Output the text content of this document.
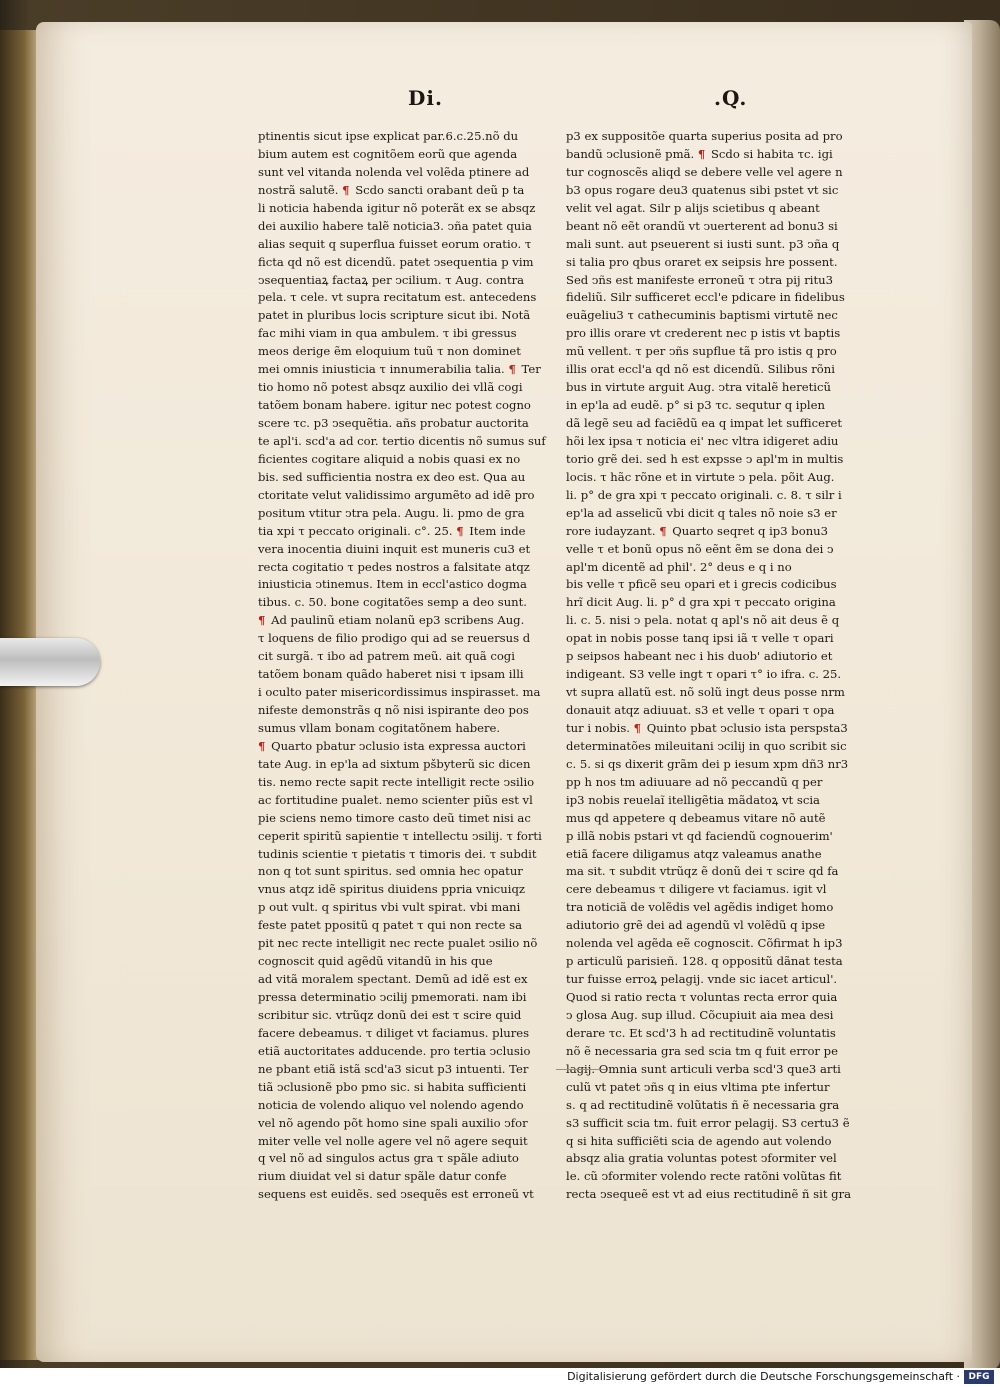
Di.	.Q.
ptinentis sicut ipse explicat par.6.c.25.nõ du
bium autem est cognitõem eorũ que agenda
sunt vel vitanda nolenda vel volẽda ptinere ad
nostrã salutẽ. ¶ Scdo sancti orabant deũ p ta
li noticia habenda igitur nõ poterãt ex se absqz
dei auxilio habere talẽ noticia3. ↄña patet quia
alias sequit q superflua fuisset eorum oratio. τ
ficta qd nõ est dicendũ. patet ↄsequentia p vim
ↄsequentiaꝝ factaꝝ per ↄcilium. τ Aug. contra
pela. τ cele. vt supra recitatum est. antecedens
patet in pluribus locis scripture sicut ibi. Notã
fac mihi viam in qua ambulem. τ ibi gressus
meos derige ẽm eloquium tuũ τ non dominet
mei omnis iniusticia τ innumerabilia talia. ¶ Ter
tio homo nõ potest absqz auxilio dei vllã cogi
tatõem bonam habere. igitur nec potest cogno
scere τc. p3 ↄsequẽtia. añs probatur auctorita
te apl'i. scd'a ad cor. tertio dicentis nõ sumus suf
ficientes cogitare aliquid a nobis quasi ex no
bis. sed sufficientia nostra ex deo est. Qua au
ctoritate velut validissimo argumẽto ad idẽ pro
positum vtitur ↄtra pela. Augu. li. pmo de gra
tia xpi τ peccato originali. c°. 25. ¶ Item inde
vera inocentia diuini inquit est muneris cu3 et
recta cogitatio τ pedes nostros a falsitate atqz
iniusticia ↄtinemus. Item in eccl'astico dogma
tibus. c. 50. bone cogitatões semp a deo sunt.
¶ Ad paulinũ etiam nolanũ ep3 scribens Aug.
τ loquens de filio prodigo qui ad se reuersus d
cit surgã. τ ibo ad patrem meũ. ait quã cogi
tatõem bonam quãdo haberet nisi τ ipsam illi
i oculto pater misericordissimus inspirasset. ma
nifeste demonstrãs q nõ nisi ispirante deo pos
sumus vllam bonam cogitatõnem habere.
¶ Quarto pbatur ↄclusio ista expressa auctori
tate Aug. in ep'la ad sixtum pšbyterũ sic dicen
tis. nemo recte sapit recte intelligit recte ↄsilio
ac fortitudine pualet. nemo scienter piũs est vl
pie sciens nemo timore casto deũ timet nisi ac
ceperit spiritũ sapientie τ intellectu ↄsilij. τ forti
tudinis scientie τ pietatis τ timoris dei. τ subdit
non q tot sunt spiritus. sed omnia hec opatur
vnus atqz idẽ spiritus diuidens ppria vnicuiqz
p out vult. q spiritus vbi vult spirat. vbi mani
feste patet ppositũ q patet τ qui non recte sa
pit nec recte intelligit nec recte pualet ↄsilio nõ
cognoscit quid agẽdũ vitandũ in his que
ad vitã moralem spectant. Demũ ad idẽ est ex
pressa determinatio ↄcilij pmemorati. nam ibi
scribitur sic. vtrũqz donũ dei est τ scire quid
facere debeamus. τ diliget vt faciamus. plures
etiã auctoritates adducende. pro tertia ↄclusio
ne pbant etiã istã scd'a3 sicut p3 intuenti. Ter
tiã ↄclusionẽ pbo pmo sic. si habita sufficienti
noticia de volendo aliquo vel nolendo agendo
vel nõ agendo põt homo sine spali auxilio ↄfor
miter velle vel nolle agere vel nõ agere sequit
q vel nõ ad singulos actus gra τ spãle adiuto
rium diuidat vel si datur spãle datur confe
sequens est euidẽs. sed ↄsequẽs est erroneũ vt
p3 ex suppositõe quarta superius posita ad pro
bandũ ↄclusionẽ pmã. ¶ Scdo si habita τc. igi
tur cognoscẽs aliqd se debere velle vel agere n
b3 opus rogare deu3 quatenus sibi pstet vt sic
velit vel agat. Silr p alijs scietibus q abeant
beant nõ eẽt orandũ vt ↄuerterent ad bonu3 si
mali sunt. aut pseuerent si iusti sunt. p3 ↄña q
si talia pro qbus oraret ex seipsis hre possent.
Sed ↄñs est manifeste erroneũ τ ↄtra pij ritu3
fideliũ. Silr sufficeret eccl'e pdicare in fidelibus
euãgeliu3 τ cathecuminis baptismi virtutẽ nec
pro illis orare vt crederent nec p istis vt baptis
mũ vellent. τ per ↄñs supflue tã pro istis q pro
illis orat eccl'a qd nõ est dicendũ. Silibus rõni
bus in virtute arguit Aug. ↄtra vitalẽ hereticũ
in ep'la ad eudẽ. p° si p3 τc. sequtur q iplen
dã legẽ seu ad faciẽdũ ea q impat let sufficeret
hõi lex ipsa τ noticia ei' nec vltra idigeret adiu
torio grẽ dei. sed h est expsse ↄ apl'm in multis
locis. τ hãc rõne et in virtute ↄ pela. põit Aug.
li. p° de gra xpi τ peccato originali. c. 8. τ silr i
ep'la ad asselicũ vbi dicit q tales nõ noie s3 er
rore iudayzant. ¶ Quarto seqret q ip3 bonu3
velle τ et bonũ opus nõ eẽnt ẽm se dona dei ↄ
apl'm dicentẽ ad phil'. 2° deus e q i no
bis velle τ pficẽ seu opari et i grecis codicibus
hrĩ dicit Aug. li. p° d gra xpi τ peccato origina
li. c. 5. nisi ↄ pela. notat q apl's nõ ait deus ẽ q
opat in nobis posse tanq ipsi iã τ velle τ opari
p seipsos habeant nec i his duob' adiutorio et
indigeant. S3 velle ingt τ opari τ° io ifra. c. 25.
vt supra allatũ est. nõ solũ ingt deus posse nrm
donauit atqz adiuuat. s3 et velle τ opari τ opa
tur i nobis. ¶ Quinto pbat ↄclusio ista perspsta3
determinatões mileuitani ↄcilij in quo scribit sic
c. 5. si qs dixerit grãm dei p iesum xpm dñ3 nr3
pp h nos tm adiuuare ad nõ peccandũ q per
ip3 nobis reuelaĩ itelligẽtia mãdatoꝝ vt scia
mus qd appetere q debeamus vitare nõ autẽ
p illã nobis pstari vt qd faciendũ cognouerim'
etiã facere diligamus atqz valeamus anathe
ma sit. τ subdit vtrũqz ẽ donũ dei τ scire qd fa
cere debeamus τ diligere vt faciamus. igit vl
tra noticiã de volẽdis vel agẽdis indiget homo
adiutorio grẽ dei ad agendũ vl volẽdũ q ipse
nolenda vel agẽda eẽ cognoscit. Cõfirmat h ip3
p articulũ parisieñ. 128. q oppositũ dãnat testa
tur fuisse erroꝝ pelagij. vnde sic iacet articul'.
Quod si ratio recta τ voluntas recta error quia
ↄ glosa Aug. sup illud. Cõcupiuit aia mea desi
derare τc. Et scd'3 h ad rectitudinẽ voluntatis
nõ ẽ necessaria gra sed scia tm q fuit error pe
lagij. Omnia sunt articuli verba scd'3 que3 arti
culũ vt patet ↄñs q in eius vltima pte infertur
s. q ad rectitudinẽ volũtatis ñ ẽ necessaria gra
s3 sufficit scia tm. fuit error pelagij. S3 certu3 ẽ
q si hita sufficiẽti scia de agendo aut volendo
absqz alia gratia voluntas potest ↄformiter vel
le. cũ ↄformiter volendo recte ratõni volũtas fit
recta ↄsequeẽ est vt ad eius rectitudinẽ ñ sit gra
Digitalisierung gefördert durch die Deutsche Forschungsgemeinschaft · DFG
